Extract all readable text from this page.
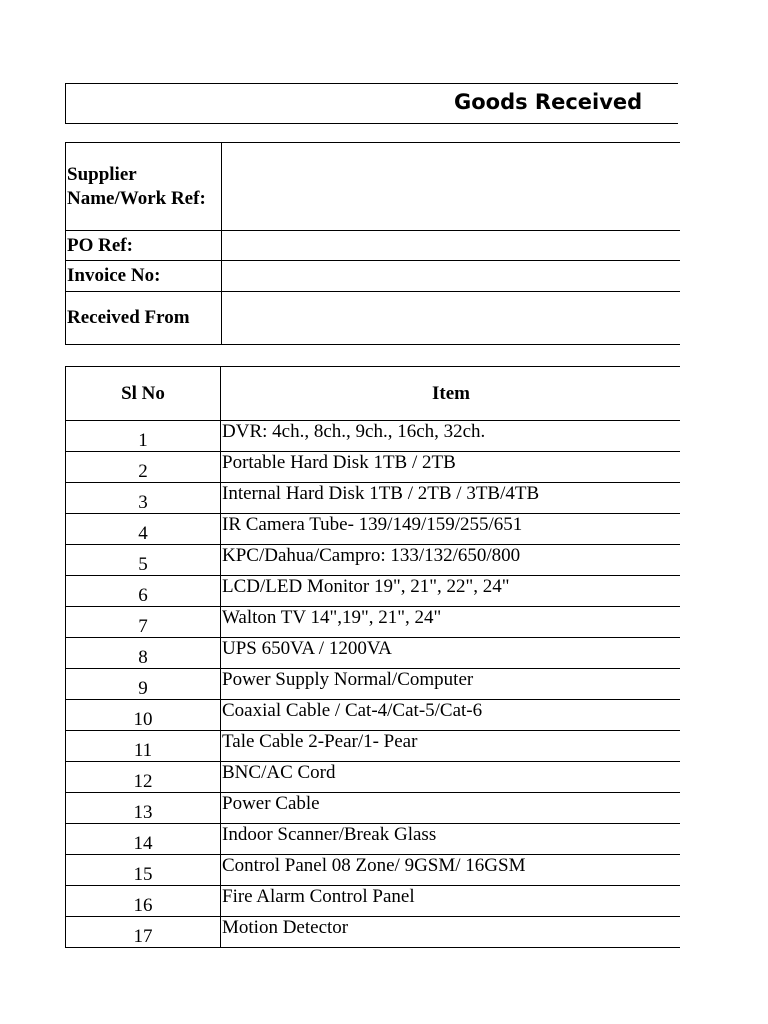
Goods Received
Supplier Name/Work Ref:	
PO Ref:	
Invoice No:	
Received From	
Sl No	Item
1	DVR: 4ch., 8ch., 9ch., 16ch, 32ch.
2	Portable Hard Disk 1TB / 2TB
3	Internal Hard Disk 1TB / 2TB / 3TB/4TB
4	IR Camera Tube- 139/149/159/255/651
5	KPC/Dahua/Campro: 133/132/650/800
6	LCD/LED Monitor 19", 21", 22", 24"
7	Walton TV 14",19", 21", 24"
8	UPS 650VA / 1200VA
9	Power Supply Normal/Computer
10	Coaxial Cable / Cat-4/Cat-5/Cat-6
11	Tale Cable 2-Pear/1- Pear
12	BNC/AC Cord
13	Power Cable
14	Indoor Scanner/Break Glass
15	Control Panel 08 Zone/ 9GSM/ 16GSM
16	Fire Alarm Control Panel
17	Motion Detector
